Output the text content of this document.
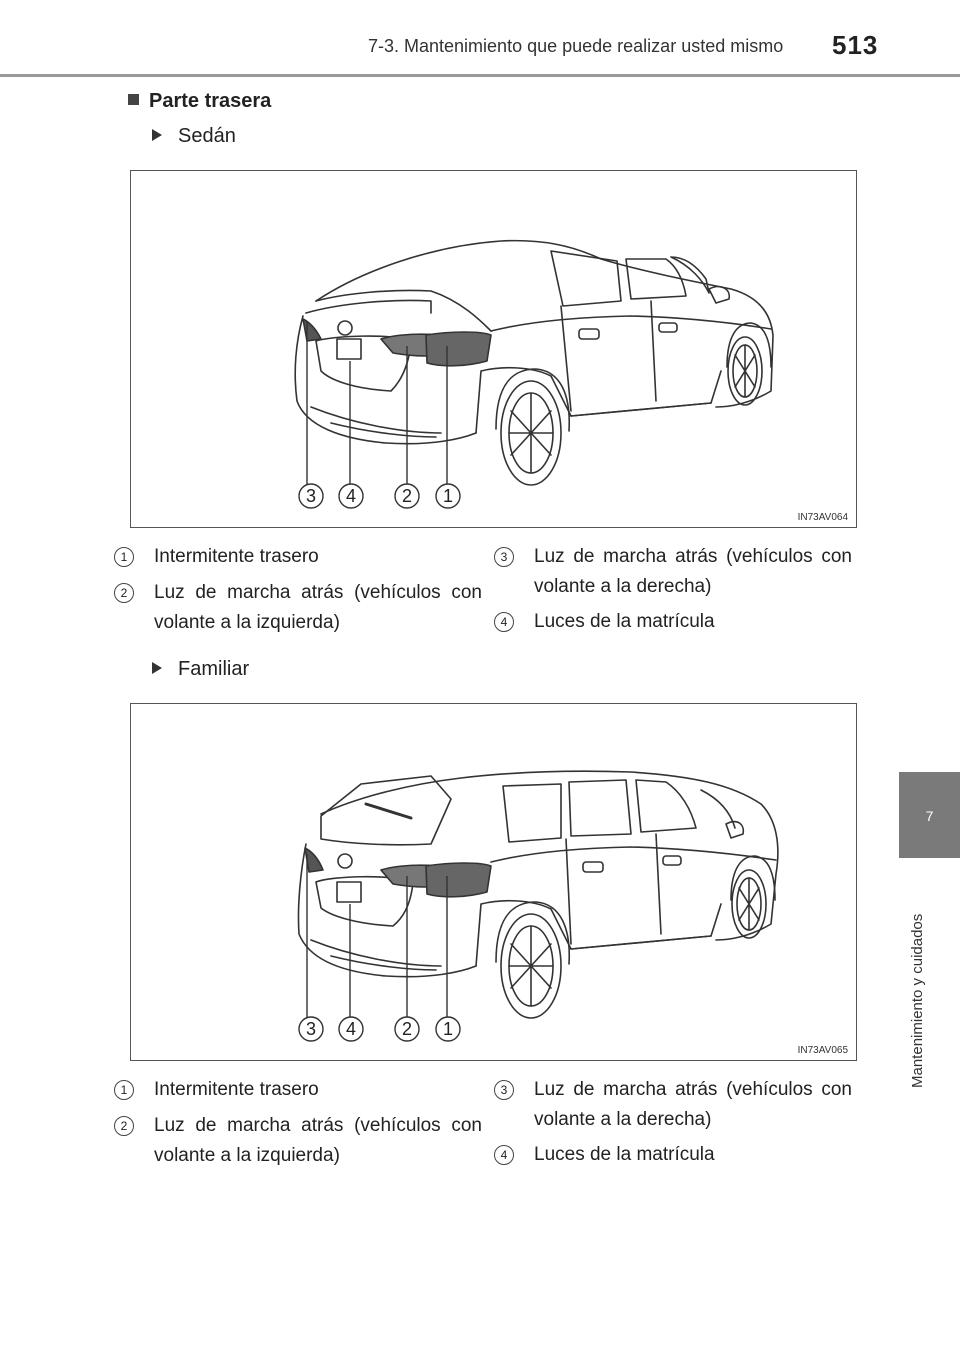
7-3. Mantenimiento que puede realizar usted mismo 513
7
Mantenimiento y cuidados
Parte trasera
Sedán
3 4	2 1
IN73AV064
1	Intermitente trasero
2	Luz de marcha atrás (vehículos con volante a la izquierda)
3	Luz de marcha atrás (vehículos con volante a la derecha)
4	Luces de la matrícula
Familiar
3 4	2 1
IN73AV065
1	Intermitente trasero
2	Luz de marcha atrás (vehículos con volante a la izquierda)
3	Luz de marcha atrás (vehículos con volante a la derecha)
4	Luces de la matrícula
